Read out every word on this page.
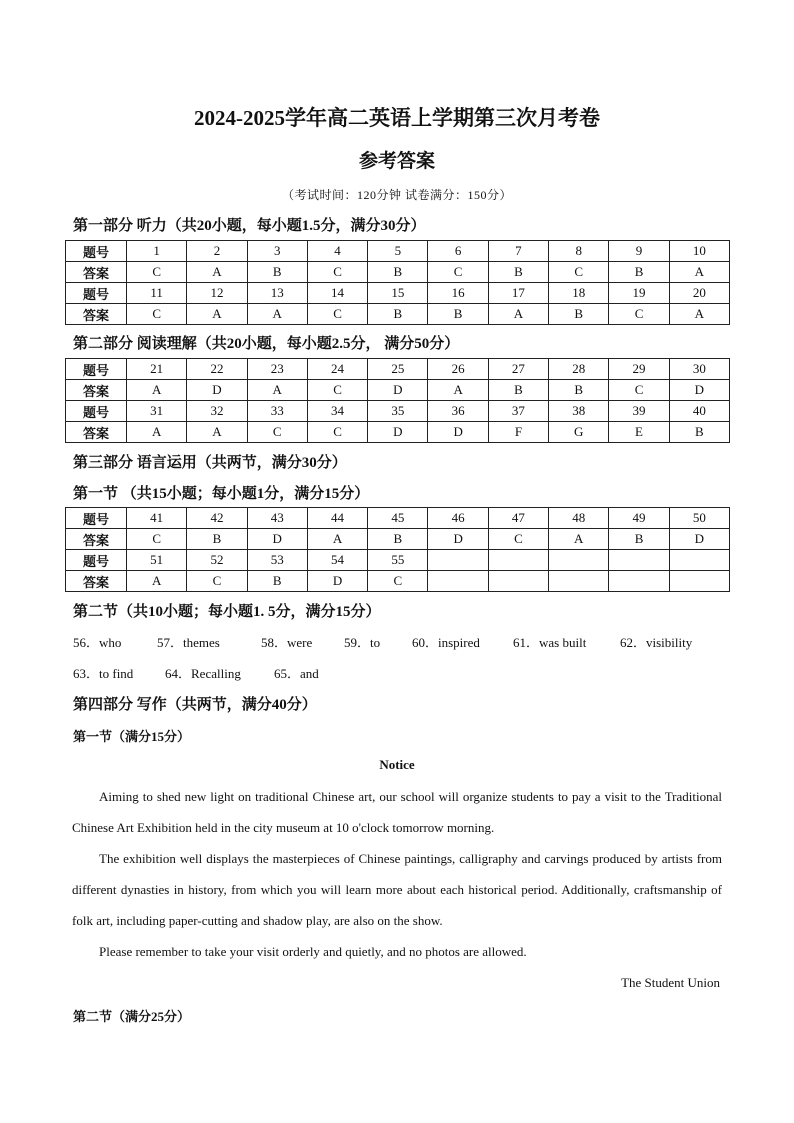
2024-2025学年高二英语上学期第三次月考卷
参考答案
（考试时间：120分钟 试卷满分：150分）
第一部分 听力（共20小题，每小题1.5分，满分30分）
题号	1	2	3	4	5	6	7	8	9	10
答案	C	A	B	C	B	C	B	C	B	A
题号	11	12	13	14	15	16	17	18	19	20
答案	C	A	A	C	B	B	A	B	C	A
第二部分 阅读理解（共20小题，每小题2.5分， 满分50分）
题号	21	22	23	24	25	26	27	28	29	30
答案	A	D	A	C	D	A	B	B	C	D
题号	31	32	33	34	35	36	37	38	39	40
答案	A	A	C	C	D	D	F	G	E	B
第三部分 语言运用（共两节，满分30分）
第一节 （共15小题；每小题1分，满分15分）
题号	41	42	43	44	45	46	47	48	49	50
答案	C	B	D	A	B	D	C	A	B	D
题号	51	52	53	54	55					
答案	A	C	B	D	C					
第二节（共10小题；每小题1. 5分，满分15分）
56．who	57．themes	58．were 59．to 60．inspired	61．was built	62．visibility
63．to find 64．Recalling	65．and
第四部分 写作（共两节，满分40分）
第一节（满分15分）
Notice
Aiming to shed new light on traditional Chinese art, our school will organize students to pay a visit to the Traditional Chinese Art Exhibition held in the city museum at 10 o'clock tomorrow morning.
The exhibition well displays the masterpieces of Chinese paintings, calligraphy and carvings produced by artists from different dynasties in history, from which you will learn more about each historical period. Additionally, craftsmanship of folk art, including paper-cutting and shadow play, are also on the show.
Please remember to take your visit orderly and quietly, and no photos are allowed.
The Student Union
第二节（满分25分）
